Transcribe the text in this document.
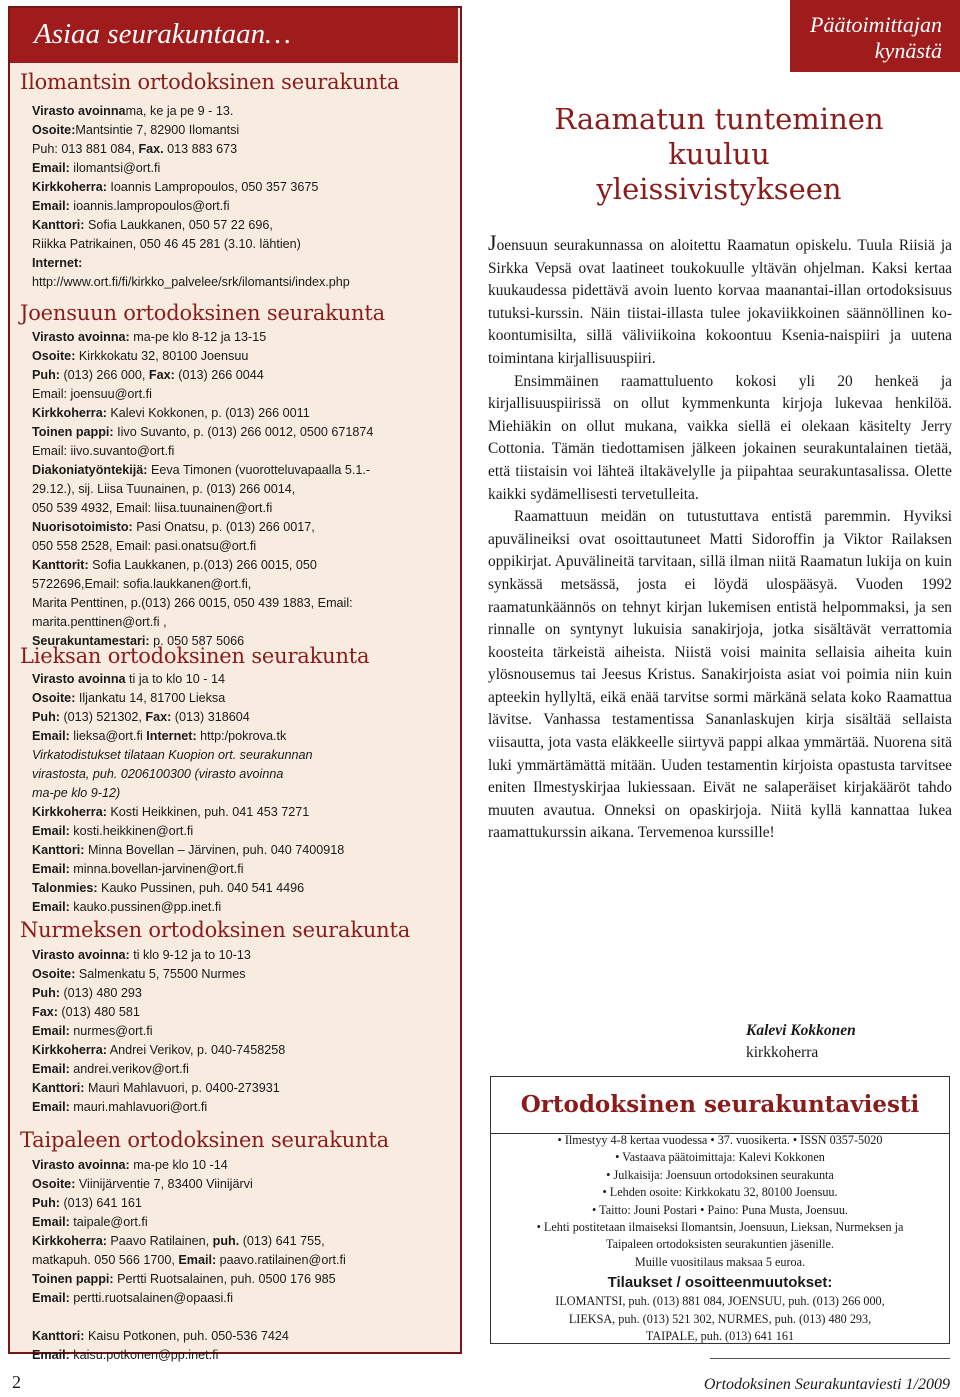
Asiaa seurakuntaan…
Ilomantsin ortodoksinen seurakunta
Virasto avoinnama, ke ja pe 9 - 13.
Osoite:Mantsintie 7, 82900 Ilomantsi
Puh: 013 881 084, Fax. 013 883 673
Email: ilomantsi@ort.fi
Kirkkoherra: Ioannis Lampropoulos, 050 357 3675
Email: ioannis.lampropoulos@ort.fi
Kanttori: Sofia Laukkanen, 050 57 22 696,
Riikka Patrikainen, 050 46 45 281 (3.10. lähtien)
Internet:
http://www.ort.fi/fi/kirkko_palvelee/srk/ilomantsi/index.php
Joensuun ortodoksinen seurakunta
Virasto avoinna: ma-pe klo 8-12 ja 13-15
Osoite: Kirkkokatu 32, 80100 Joensuu
Puh: (013) 266 000, Fax: (013) 266 0044
Email: joensuu@ort.fi
Kirkkoherra: Kalevi Kokkonen, p. (013) 266 0011
Toinen pappi: Iivo Suvanto, p. (013) 266 0012, 0500 671874
Email: iivo.suvanto@ort.fi
Diakoniatyöntekijä: Eeva Timonen (vuorotteluvapaalla 5.1.-
29.12.), sij. Liisa Tuunainen, p. (013) 266 0014,
050 539 4932, Email: liisa.tuunainen@ort.fi
Nuorisotoimisto: Pasi Onatsu, p. (013) 266 0017,
050 558 2528, Email: pasi.onatsu@ort.fi
Kanttorit: Sofia Laukkanen, p.(013) 266 0015, 050
5722696,Email: sofia.laukkanen@ort.fi,
Marita Penttinen, p.(013) 266 0015, 050 439 1883, Email:
marita.penttinen@ort.fi ,
Seurakuntamestari: p. 050 587 5066
Lieksan ortodoksinen seurakunta
Virasto avoinna ti ja to klo 10 - 14
Osoite: Iljankatu 14, 81700 Lieksa
Puh: (013) 521302, Fax: (013) 318604
Email: lieksa@ort.fi Internet: http:/pokrova.tk
Virkatodistukset tilataan Kuopion ort. seurakunnan
virastosta, puh. 0206100300 (virasto avoinna
ma-pe klo 9-12)
Kirkkoherra: Kosti Heikkinen, puh. 041 453 7271
Email: kosti.heikkinen@ort.fi
Kanttori: Minna Bovellan – Järvinen, puh. 040 7400918
Email: minna.bovellan-jarvinen@ort.fi
Talonmies: Kauko Pussinen, puh. 040 541 4496
Email: kauko.pussinen@pp.inet.fi
Nurmeksen ortodoksinen seurakunta
Virasto avoinna: ti klo 9-12 ja to 10-13
Osoite: Salmenkatu 5, 75500 Nurmes
Puh: (013) 480 293
Fax: (013) 480 581
Email: nurmes@ort.fi
Kirkkoherra: Andrei Verikov, p. 040-7458258
Email: andrei.verikov@ort.fi
Kanttori: Mauri Mahlavuori, p. 0400-273931
Email: mauri.mahlavuori@ort.fi
Taipaleen ortodoksinen seurakunta
Virasto avoinna: ma-pe klo 10 -14
Osoite: Viinijärventie 7, 83400 Viinijärvi
Puh: (013) 641 161
Email: taipale@ort.fi
Kirkkoherra: Paavo Ratilainen, puh. (013) 641 755,
matkapuh. 050 566 1700, Email: paavo.ratilainen@ort.fi
Toinen pappi: Pertti Ruotsalainen, puh. 0500 176 985
Email: pertti.ruotsalainen@opaasi.fi
Kanttori: Kaisu Potkonen, puh. 050-536 7424
Email: kaisu.potkonen@pp.inet.fi
Päätoimittajan
kynästä
Raamatun tunteminen
kuuluu
yleissivistykseen

Joensuun seurakunnassa on aloitettu Raamatun opiskelu. Tuula Riisiä ja Sirkka Vepsä ovat laatineet toukokuulle yltävän ohjelman. Kaksi kertaa kuukaudessa pidettävä avoin luento korvaa maanantai-illan ortodoksisuus tutuksi-kurssin. Näin tiistai-illasta tulee jokaviikkoinen säännöllinen kokoontumisilta, sillä väliviikoina kokoontuu Ksenia-naispiiri ja uutena toimintana kirjallisuuspiiri.

Ensimmäinen raamattuluento kokosi yli 20 henkeä ja kirjallisuuspiirissä on ollut kymmenkunta kirjoja lukevaa henkilöä. Miehiäkin on ollut mukana, vaikka siellä ei olekaan käsitelty Jerry Cottonia. Tämän tiedottamisen jälkeen jokainen seurakuntalainen tietää, että tiistaisin voi lähteä iltakävelylle ja piipahtaa seurakuntasalissa. Olette kaikki sydämellisesti tervetulleita.

Raamattuun meidän on tutustuttava entistä paremmin. Hyviksi apuvälineiksi ovat osoittautuneet Matti Sidoroffin ja Viktor Railaksen oppikirjat. Apuvälineitä tarvitaan, sillä ilman niitä Raamatun lukija on kuin synkässä metsässä, josta ei löydä ulospääsyä. Vuoden 1992 raamatunkäännös on tehnyt kirjan lukemisen entistä helpommaksi, ja sen rinnalle on syntynyt lukuisia sanakirjoja, jotka sisältävät verrattomia koosteita tärkeistä aiheista. Niistä voisi mainita sellaisia aiheita kuin ylösnousemus tai Jeesus Kristus. Sanakirjoista asiat voi poimia niin kuin apteekin hyllyltä, eikä enää tarvitse sormi märkänä selata koko Raamattua lävitse. Vanhassa testamentissa Sananlaskujen kirja sisältää sellaista viisautta, jota vasta eläkkeelle siirtyvä pappi alkaa ymmärtää. Nuorena sitä luki ymmärtämättä mitään. Uuden testamentin kirjoista opastusta tarvitsee eniten Ilmestyskirjaa lukiessaan. Eivät ne salaperäiset kirjakääröt tahdo muuten avautua. Onneksi on opaskirjoja. Niitä kyllä kannattaa lukea raamattukurssin aikana. Tervemenoa kurssille!

Kalevi Kokkonen
kirkkoherra
Ortodoksinen seurakuntaviesti
• Ilmestyy 4-8 kertaa vuodessa • 37. vuosikerta. • ISSN 0357-5020
• Vastaava päätoimittaja: Kalevi Kokkonen
• Julkaisija: Joensuun ortodoksinen seurakunta
• Lehden osoite: Kirkkokatu 32, 80100 Joensuu.
• Taitto: Jouni Postari • Paino: Puna Musta, Joensuu.
• Lehti postitetaan ilmaiseksi Ilomantsin, Joensuun, Lieksan, Nurmeksen ja
Taipaleen ortodoksisten seurakuntien jäsenille.
Muille vuositilaus maksaa 5 euroa.
Tilaukset / osoitteenmuutokset:
ILOMANTSI, puh. (013) 881 084, JOENSUU, puh. (013) 266 000,
LIEKSA, puh. (013) 521 302, NURMES, puh. (013) 480 293,
TAIPALE, puh. (013) 641 161
2	Ortodoksinen Seurakuntaviesti 1/2009
